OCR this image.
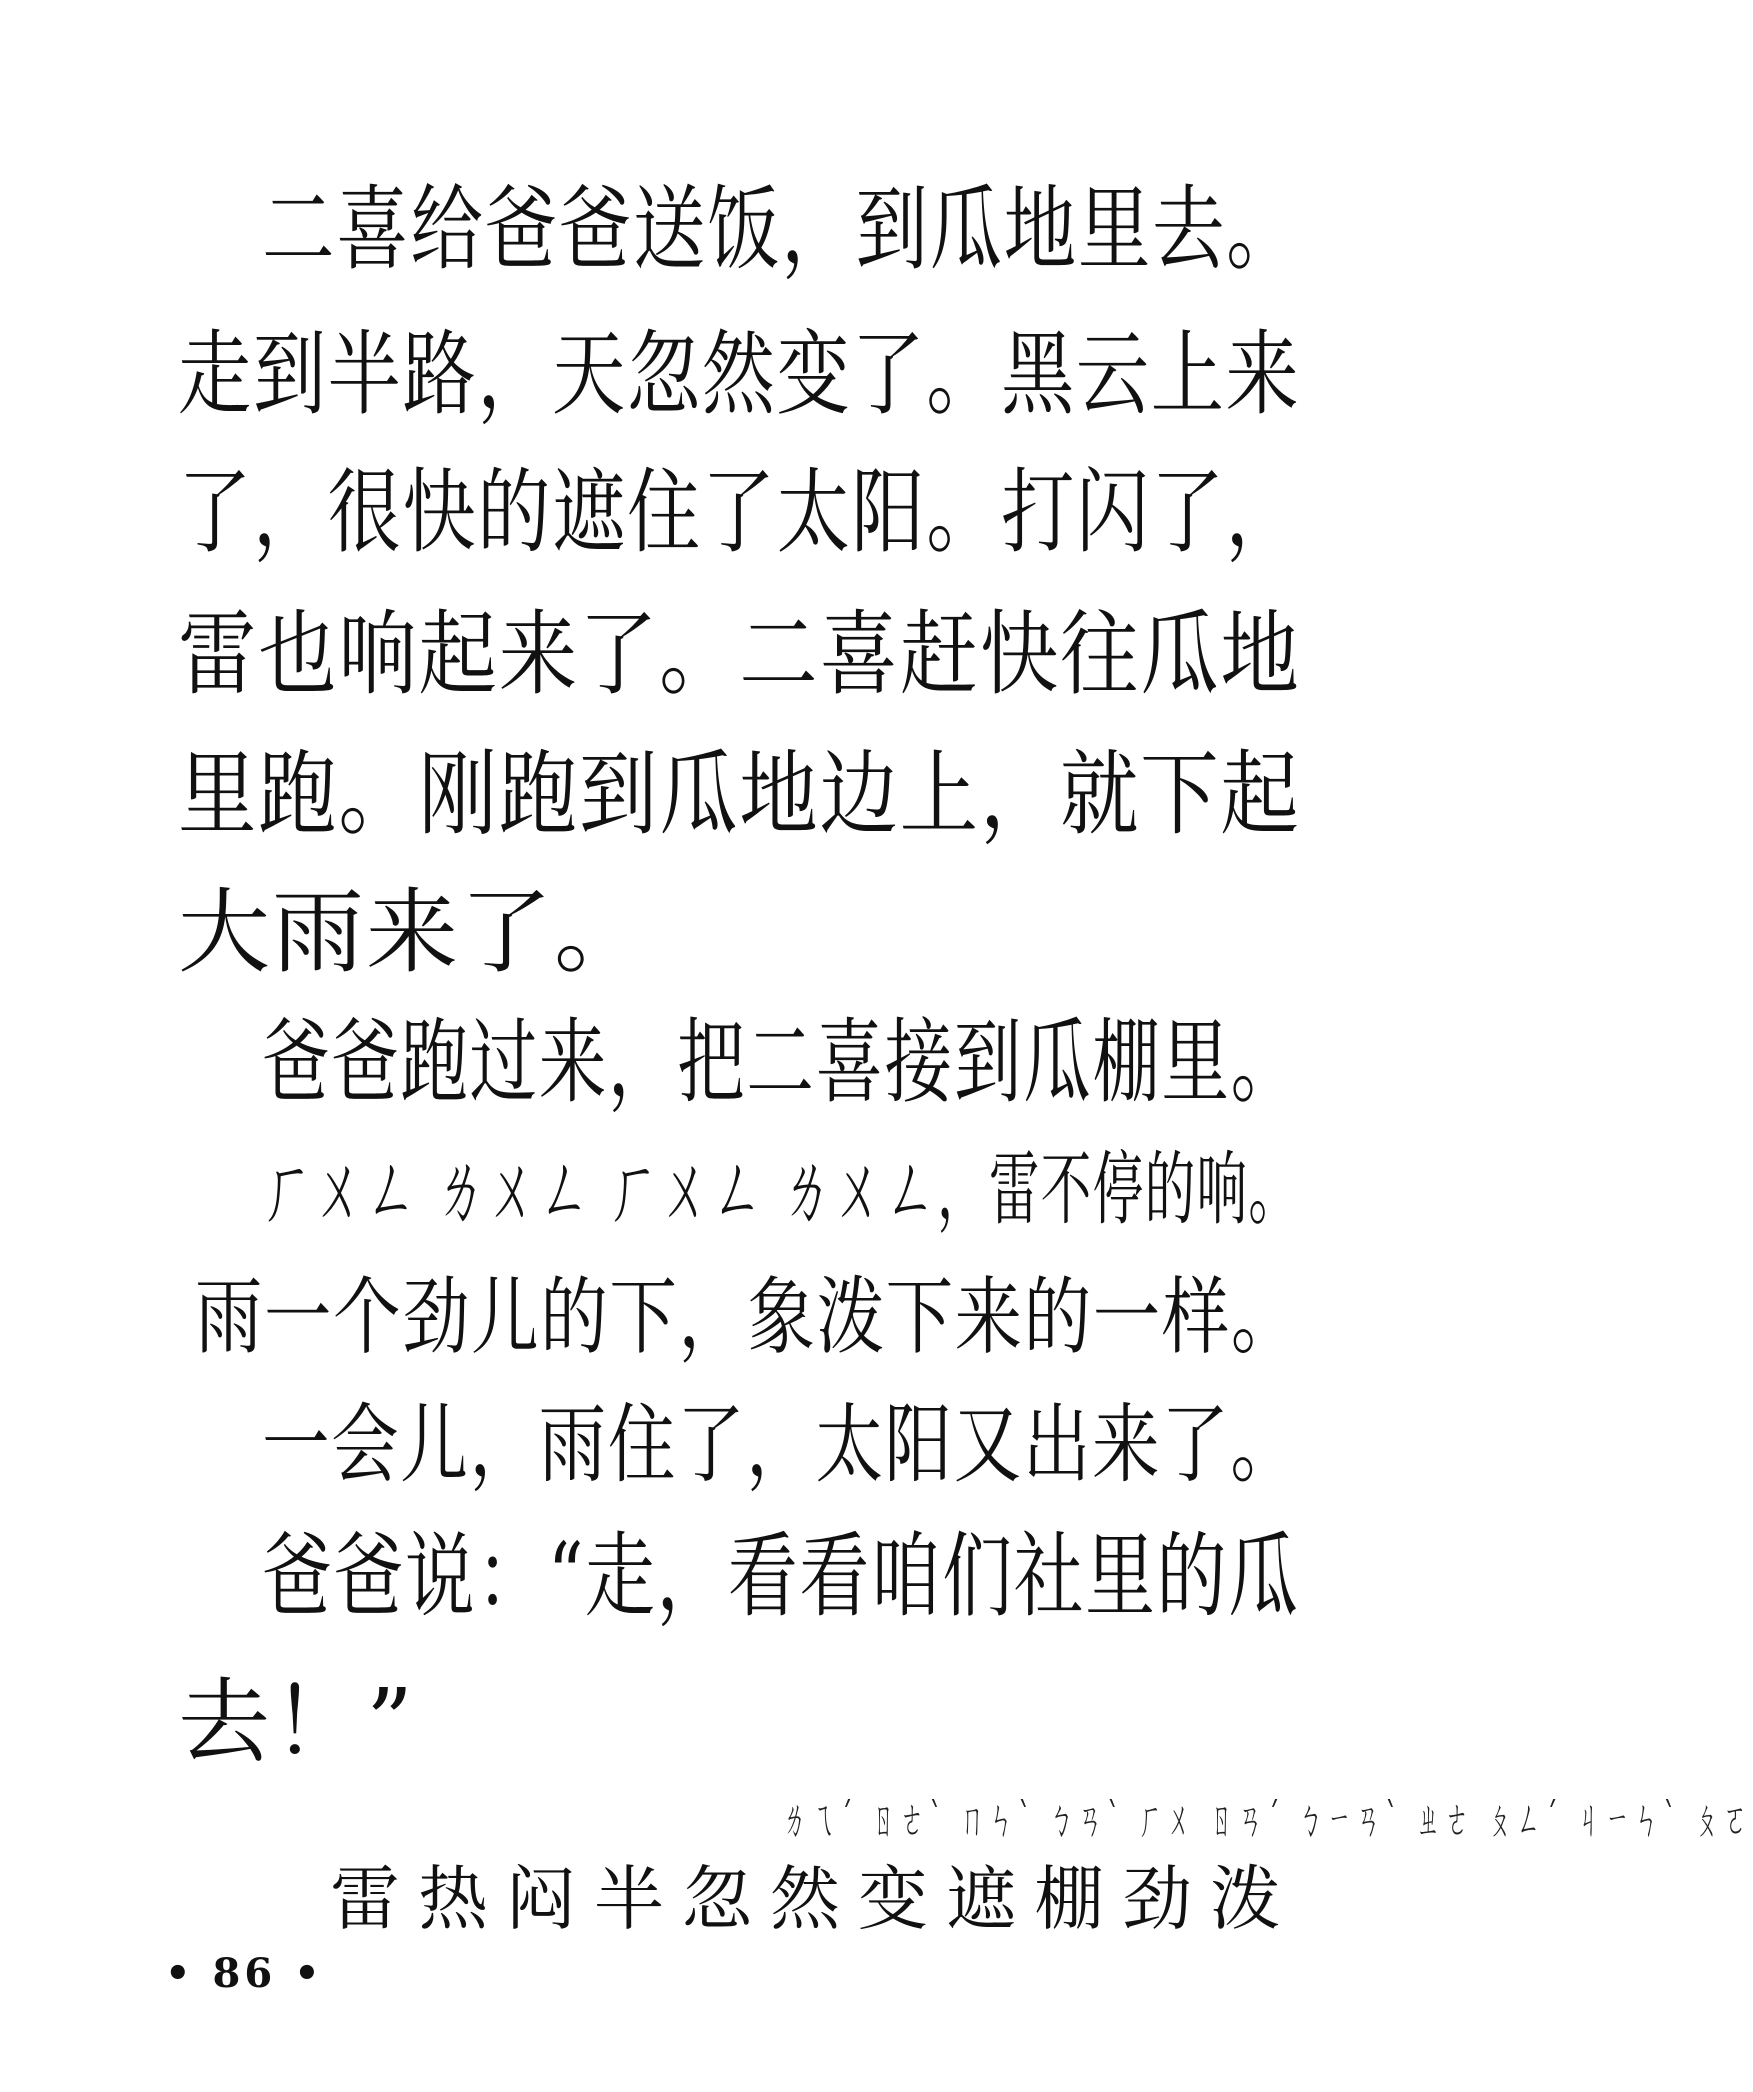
二喜给爸爸送饭，到瓜地里去。
走到半路，天忽然变了。黑云上来
了，很快的遮住了太阳。打闪了，
雷也响起来了。二喜赶快往瓜地
里跑。刚跑到瓜地边上，就下起
大雨来了。
爸爸跑过来，把二喜接到瓜棚里。
ㄏㄨㄥ ㄌㄨㄥ ㄏㄨㄥ ㄌㄨㄥ，雷不停的响。
雨一个劲儿的下，象泼下来的一样。
一会儿，雨住了，太阳又出来了。
爸爸说：“走，看看咱们社里的瓜
去！”
ㄌㄟˊ ㄖㄜˋ ㄇㄣˋ ㄅㄢˋ ㄏㄨ ㄖㄢˊ ㄅㄧㄢˋ ㄓㄜ ㄆㄥˊ ㄐㄧㄣˋ ㄆㄛ
雷热闷半忽然变遮棚劲泼
• 86 •
